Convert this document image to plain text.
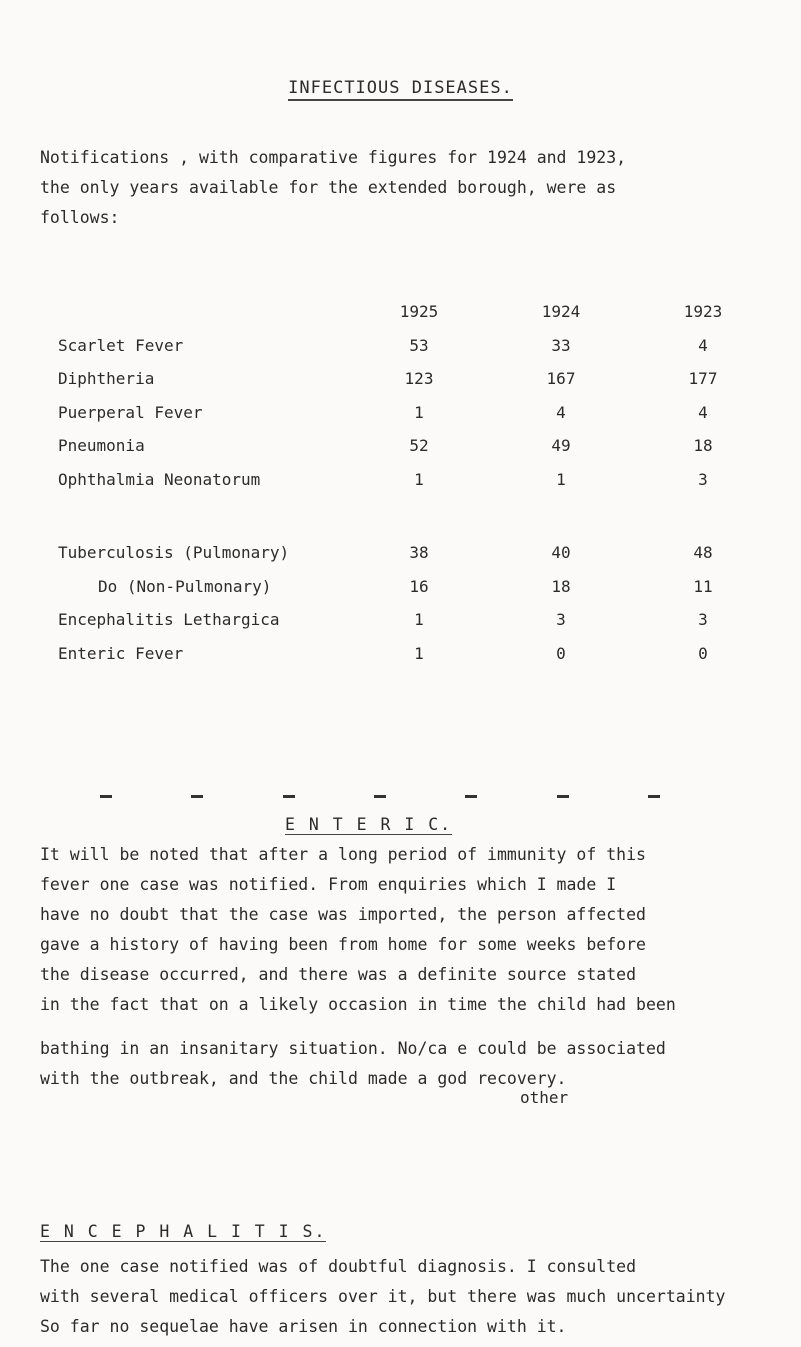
INFECTIOUS DISEASES.
Notifications , with comparative figures for 1924 and 1923,
the only years available for the extended borough, were as
follows:
	1925	1924	1923
Scarlet Fever	53	33	4
Diphtheria	123	167	177
Puerperal Fever	1	4	4
Pneumonia	52	49	18
Ophthalmia Neonatorum	1	1	3

Tuberculosis (Pulmonary)	38	40	48
Do (Non-Pulmonary)	16	18	11
Encephalitis Lethargica	1	3	3
Enteric Fever	1	0	0
E N T E R I C.
other
It will be noted that after a long period of immunity of this
fever one case was notified. From enquiries which I made I
have no doubt that the case was imported, the person affected
gave a history of having been from home for some weeks before
the disease occurred, and there was a definite source stated
in the fact that on a likely occasion in time the child had been
bathing in an insanitary situation. No/ca e could be associated
with the outbreak, and the child made a god recovery.
E N C E P H A L I T I S.
The one case notified was of doubtful diagnosis. I consulted
with several medical officers over it, but there was much uncertainty
So far no sequelae have arisen in connection with it.
